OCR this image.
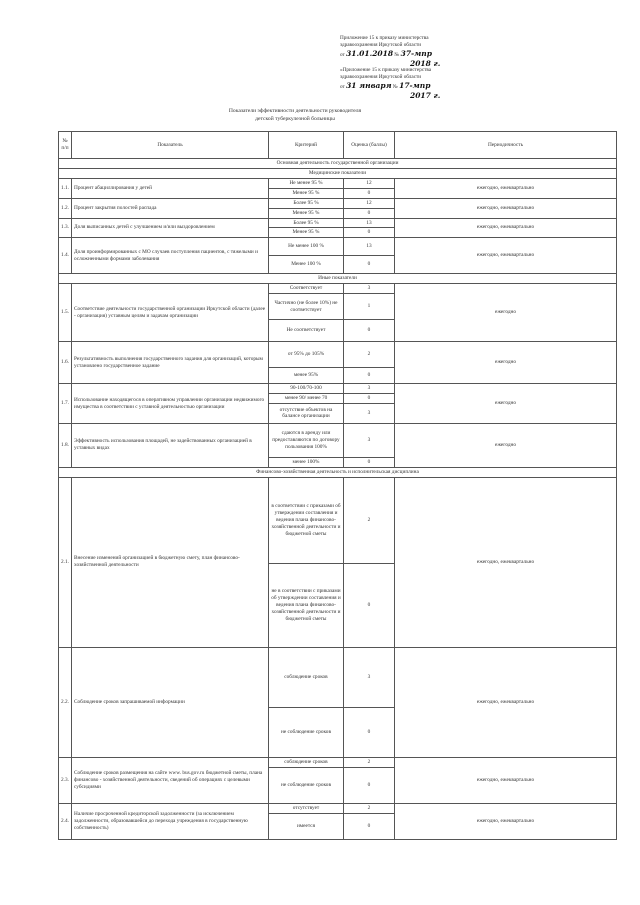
Приложение 15 к приказу министерства
здравоохранения Иркутской области
от 31.01.2018 № 37-мпр
2018 г.
«Приложение 15 к приказу министерства
здравоохранения Иркутской области
от 31 января № 17-мпр
2017 г.
Показатели эффективности деятельности руководителя
детской туберкулезной больницы
№ п/п	Показатель	Критерий	Оценка (баллы)	Периодичность
Основная деятельность государственной организации				
Медицинские показатели				
1.1.	Процент абациллирования у детей	Не менее 95 %	12	ежегодно, ежеквартально
		Менее 95 %	0	
1.2.	Процент закрытия полостей распада	Более 95 %	12	ежегодно, ежеквартально
		Менее 95 %	0	
1.3.	Доля выписанных детей с улучшением и/или выздоровлением	Более 95 %	13	ежегодно, ежеквартально
		Менее 95 %	0	
1.4.	Доля проинформированных с МО случаев поступления пациентов, с тяжелыми и осложненными формами заболевания	Не менее 100 %	13	ежегодно, ежеквартально
		Менее 100 %	0	
Иные показатели				
1.5.	Соответствие деятельности государственной организации Иркутской области (далее - организация) уставным целям и задачам организации	Соответствует	3	ежегодно
		Частично (не более 10%) не соответствует	1	
		Не соответствует	0	
1.6.	Результативность выполнения государственного задания для организаций, которым установлено государственное задание	от 95% до 105%	2	ежегодно
		менее 95%	0	
1.7.	Использование находящегося в оперативном управлении организации недвижимого имущества в соответствии с уставной деятельностью организации	90-100/70-100	3	ежегодно
		менее 90/ менее 70	0	
		отсутствие объектов на балансе организации	3	
1.8.	Эффективность использования площадей, не задействованных организацией в уставных видах	сдаются в аренду или предоставляются по договору пользования 100%	3	ежегодно
		менее 100%	0	
Финансово-хозяйственная деятельность и исполнительская дисциплина				
2.1.	Внесение изменений организацией в бюджетную смету, план финансово-хозяйственной деятельности	в соответствии с приказами об утверждении составления и ведения плана финансово-хозяйственной деятельности и бюджетной сметы	2	ежегодно, ежеквартально
		не в соответствии с приказами об утверждении составления и ведения плана финансово-хозяйственной деятельности и бюджетной сметы	0	
2.2.	Соблюдение сроков запрашиваемой информации	соблюдение сроков	3	ежегодно, ежеквартально
		не соблюдение сроков	0	
2.3.	Соблюдение сроков размещения на сайте www. bus.gov.ru бюджетной сметы, плана финансово - хозяйственной деятельности, сведений об операциях с целевыми субсидиями	соблюдение сроков	2	ежегодно, ежеквартально
		не соблюдение сроков	0	
2.4.	Наличие просроченной кредиторской задолженности (за исключением задолженности, образовавшейся до перехода учреждения в государственную собственность)	отсутствует	2	ежегодно, ежеквартально
		имеется	0	
